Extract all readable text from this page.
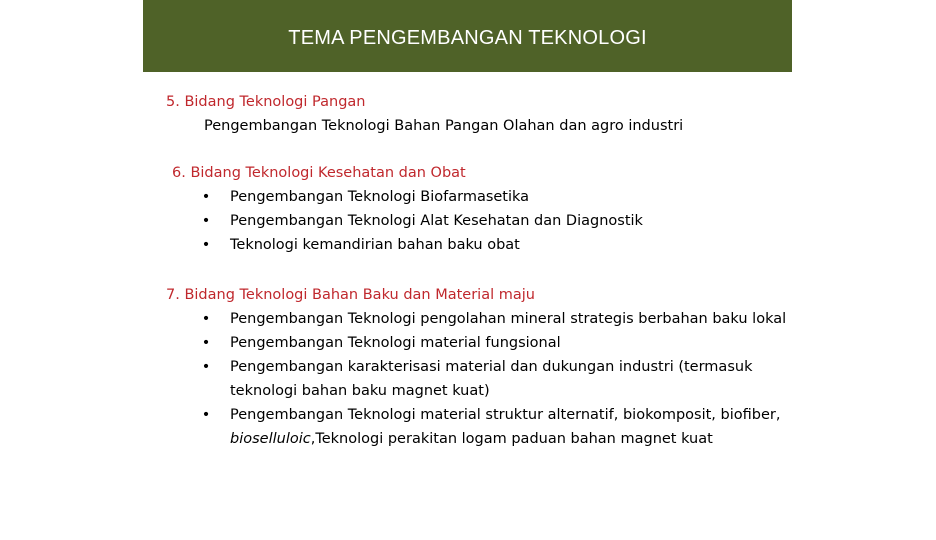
TEMA PENGEMBANGAN TEKNOLOGI
5. Bidang Teknologi Pangan
Pengembangan Teknologi Bahan Pangan Olahan dan agro industri
6. Bidang Teknologi Kesehatan dan Obat
• Pengembangan Teknologi Biofarmasetika
• Pengembangan Teknologi Alat Kesehatan dan Diagnostik
• Teknologi kemandirian bahan baku obat
7. Bidang Teknologi Bahan Baku dan Material maju
• Pengembangan Teknologi pengolahan mineral strategis berbahan baku lokal
• Pengembangan Teknologi material fungsional
• Pengembangan karakterisasi material dan dukungan industri (termasuk teknologi bahan baku magnet kuat)
• Pengembangan Teknologi material struktur alternatif, biokomposit, biofiber, bioselluloic,Teknologi perakitan logam paduan bahan magnet kuat
